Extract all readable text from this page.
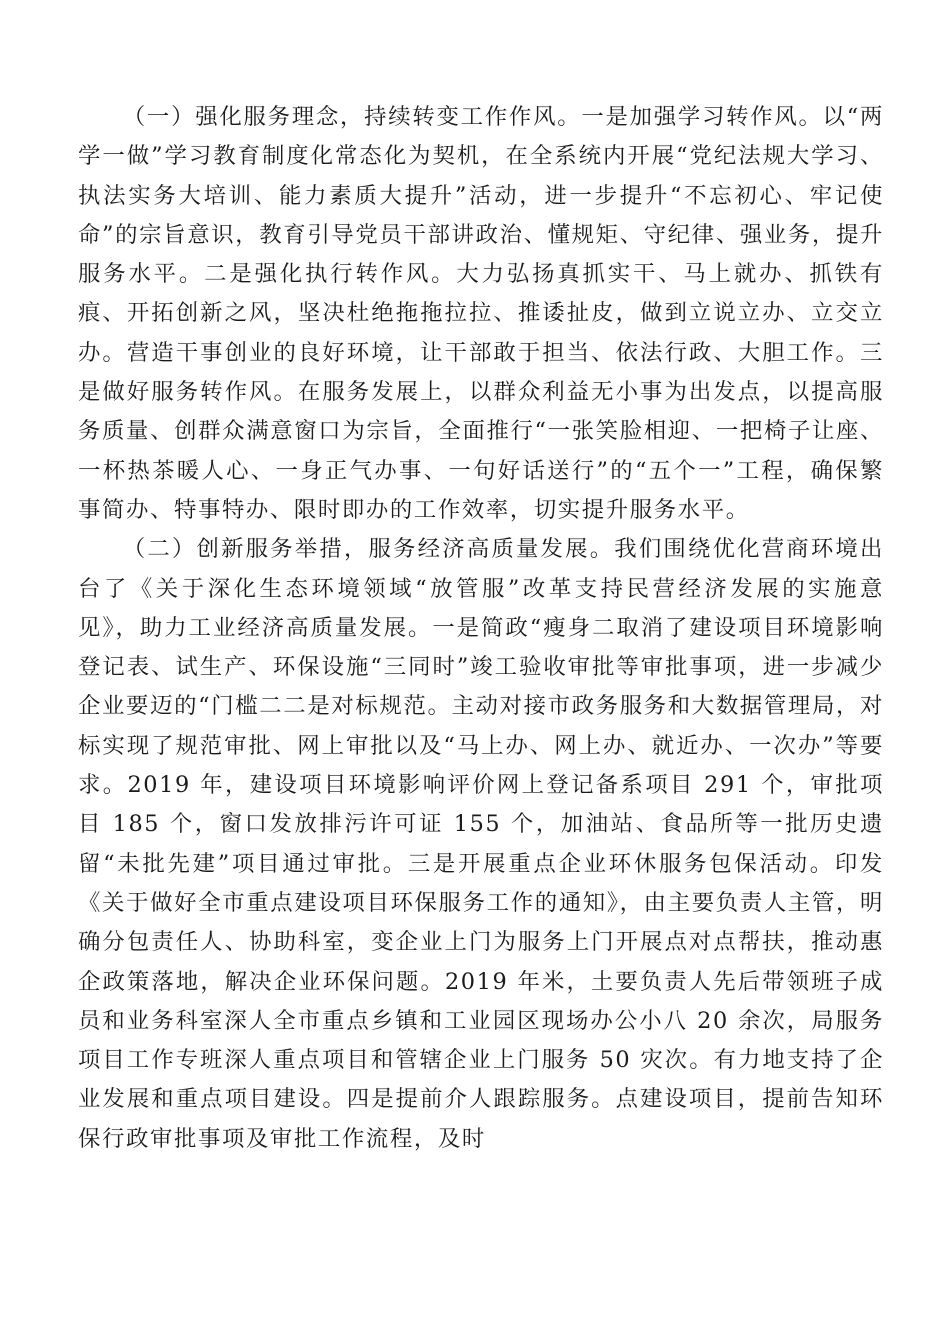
（一）强化服务理念，持续转变工作作风。一是加强学习转作风。以“两学一做”学习教育制度化常态化为契机，在全系统内开展“党纪法规大学习、执法实务大培训、能力素质大提升”活动，进一步提升“不忘初心、牢记使命”的宗旨意识，教育引导党员干部讲政治、懂规矩、守纪律、强业务，提升服务水平。二是强化执行转作风。大力弘扬真抓实干、马上就办、抓铁有痕、开拓创新之风，坚决杜绝拖拖拉拉、推诿扯皮，做到立说立办、立交立办。营造干事创业的良好环境，让干部敢于担当、依法行政、大胆工作。三是做好服务转作风。在服务发展上，以群众利益无小事为出发点，以提高服务质量、创群众满意窗口为宗旨，全面推行“一张笑脸相迎、一把椅子让座、一杯热茶暖人心、一身正气办事、一句好话送行”的“五个一”工程，确保繁事简办、特事特办、限时即办的工作效率，切实提升服务水平。

（二）创新服务举措，服务经济高质量发展。我们围绕优化营商环境出台了《关于深化生态环境领域“放管服”改革支持民营经济发展的实施意见》，助力工业经济高质量发展。一是简政“瘦身二取消了建设项目环境影响登记表、试生产、环保设施“三同时”竣工验收审批等审批事项，进一步减少企业要迈的“门槛二二是对标规范。主动对接市政务服务和大数据管理局，对标实现了规范审批、网上审批以及“马上办、网上办、就近办、一次办”等要求。2019 年，建设项目环境影响评价网上登记备系项目 291 个，审批项目 185 个，窗口发放排污许可证 155 个，加油站、食品所等一批历史遗留“未批先建”项目通过审批。三是开展重点企业环休服务包保活动。印发《关于做好全市重点建设项目环保服务工作的通知》，由主要负责人主管，明确分包责任人、协助科室，变企业上门为服务上门开展点对点帮扶，推动惠企政策落地，解决企业环保问题。2019 年米，土要负责人先后带领班子成员和业务科室深人全市重点乡镇和工业园区现场办公小八 20 余次，局服务项目工作专班深人重点项目和管辖企业上门服务 50 灾次。有力地支持了企业发展和重点项目建设。四是提前介人跟踪服务。点建设项目，提前告知环保行政审批事项及审批工作流程，及时
